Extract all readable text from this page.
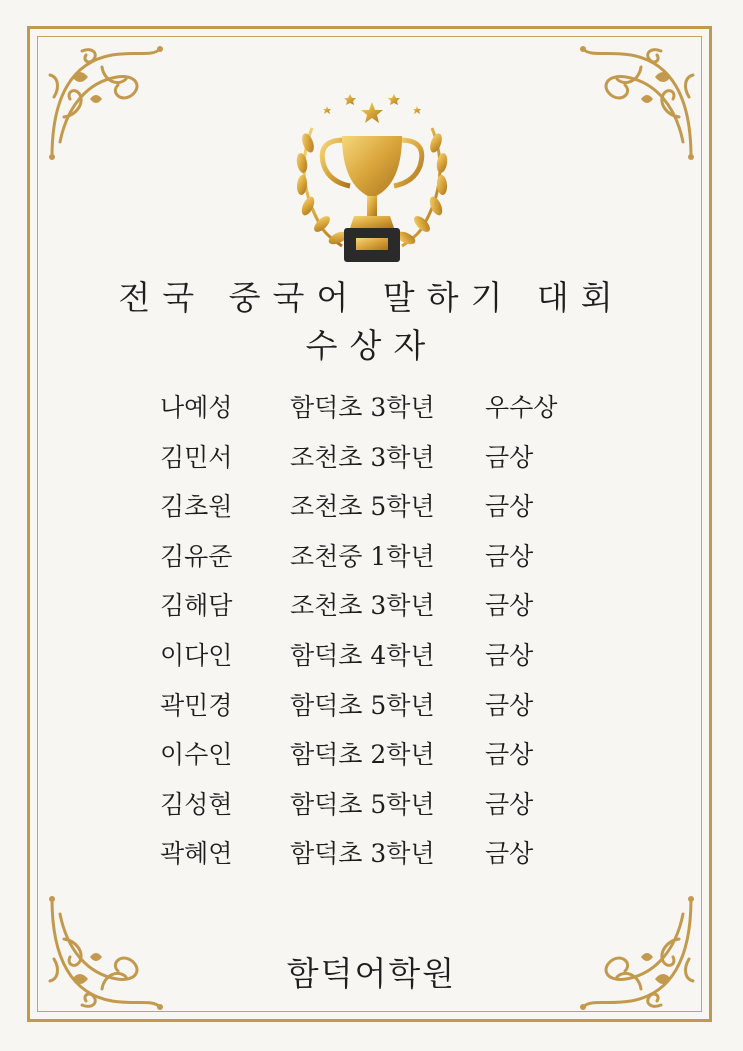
전국 중국어 말하기 대회
수상자
나예성 함덕초 3학년 우수상
김민서 조천초 3학년 금상
김초원 조천초 5학년 금상
김유준 조천중 1학년 금상
김해담 조천초 3학년 금상
이다인 함덕초 4학년 금상
곽민경 함덕초 5학년 금상
이수인 함덕초 2학년 금상
김성현 함덕초 5학년 금상
곽혜연 함덕초 3학년 금상
함덕어학원
